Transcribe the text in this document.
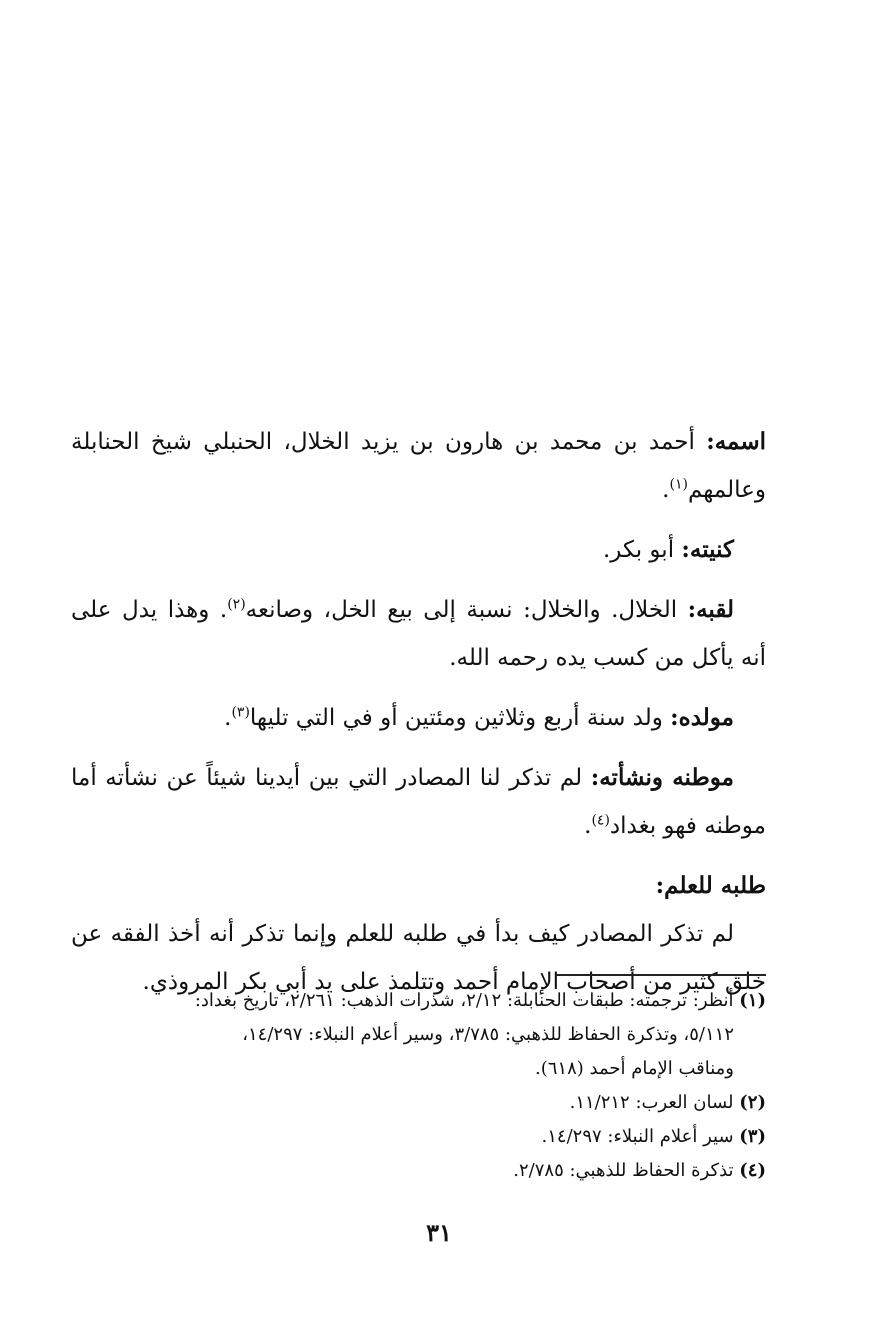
اسمه: أحمد بن محمد بن هارون بن يزيد الخلال، الحنبلي شيخ الحنابلة وعالمهم$^{(١)}$.

كنيته: أبو بكر.

لقبه: الخلال. والخلال: نسبة إلى بيع الخل، وصانعه$^{(٢)}$. وهذا يدل على أنه يأكل من كسب يده رحمه الله.

مولده: ولد سنة أربع وثلاثين ومئتين أو في التي تليها$^{(٣)}$.

موطنه ونشأته: لم تذكر لنا المصادر التي بين أيدينا شيئاً عن نشأته أما موطنه فهو بغداد$^{(٤)}$.

طلبه للعلم:

لم تذكر المصادر كيف بدأ في طلبه للعلم وإنما تذكر أنه أخذ الفقه عن خلق كثير من أصحاب الإمام أحمد وتتلمذ على يد أبي بكر المروذي.

(١) أنظر: ترجمته: طبقات الحنابلة: ٢/١٢، شذرات الذهب: ٢/٢٦١، تاريخ بغداد:
٥/١١٢، وتذكرة الحفاظ للذهبي: ٣/٧٨٥، وسير أعلام النبلاء: ١٤/٢٩٧،
ومناقب الإمام أحمد (٦١٨).
(٢) لسان العرب: ١١/٢١٢.
(٣) سير أعلام النبلاء: ١٤/٢٩٧.
(٤) تذكرة الحفاظ للذهبي: ٢/٧٨٥.
٣١
